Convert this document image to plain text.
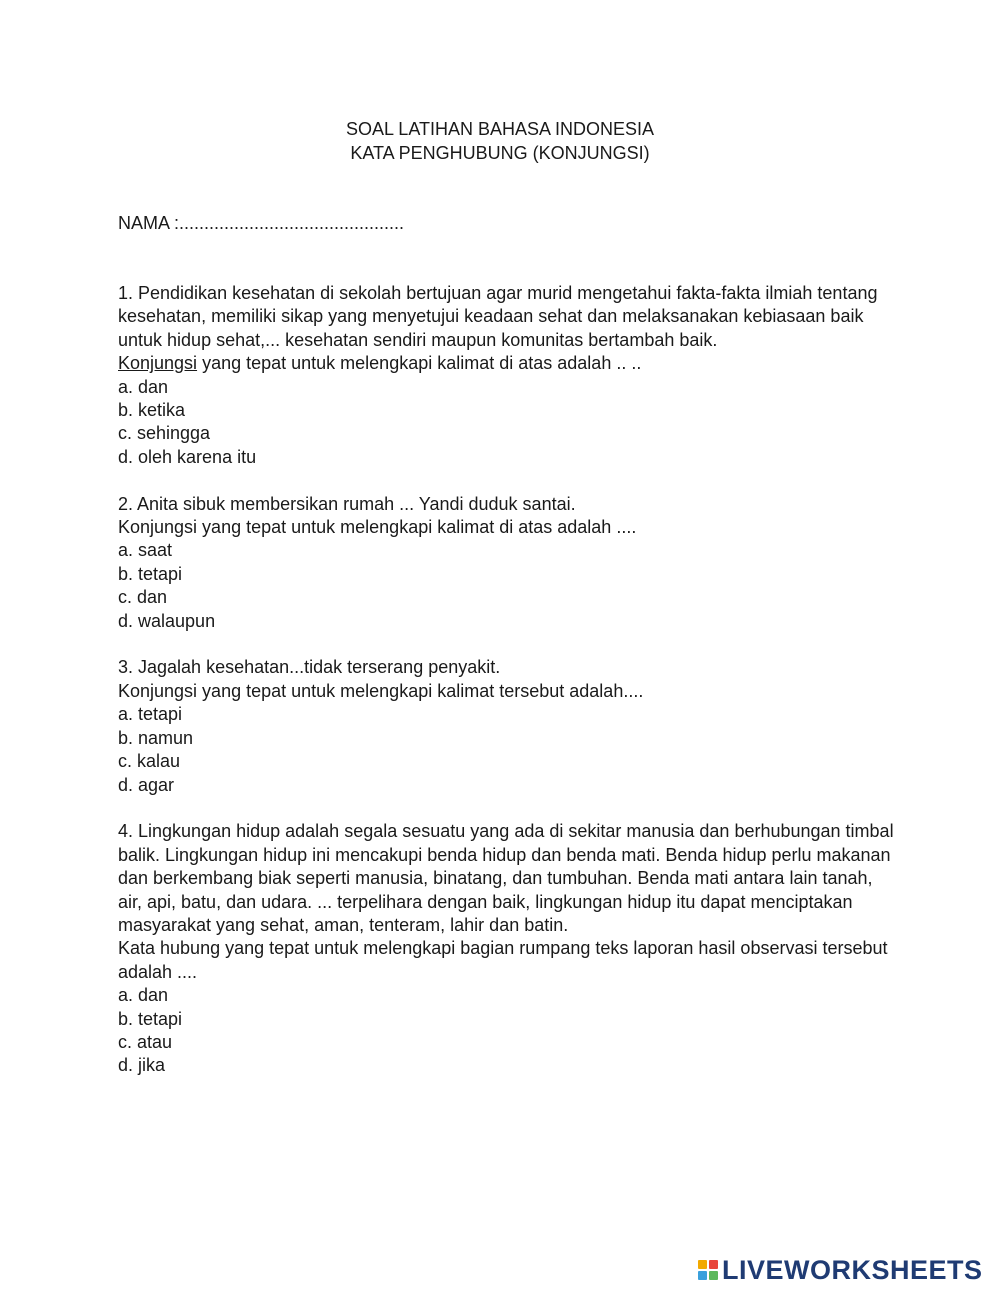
SOAL LATIHAN BAHASA INDONESIA
KATA PENGHUBUNG (KONJUNGSI)
NAMA :.............................................

1. Pendidikan kesehatan di sekolah bertujuan agar murid mengetahui fakta-fakta ilmiah tentang kesehatan, memiliki sikap yang menyetujui keadaan sehat dan melaksanakan kebiasaan baik untuk hidup sehat,... kesehatan sendiri maupun komunitas bertambah baik.

Konjungsi yang tepat untuk melengkapi kalimat di atas adalah .. ..

a. dan
b. ketika
c. sehingga
d. oleh karena itu

2. Anita sibuk membersikan rumah ... Yandi duduk santai.

Konjungsi yang tepat untuk melengkapi kalimat di atas adalah ....

a. saat
b. tetapi
c. dan
d. walaupun

3. Jagalah kesehatan...tidak terserang penyakit.

Konjungsi yang tepat untuk melengkapi kalimat tersebut adalah....

a. tetapi
b. namun
c. kalau
d. agar

4. Lingkungan hidup adalah segala sesuatu yang ada di sekitar manusia dan berhubungan timbal balik. Lingkungan hidup ini mencakupi benda hidup dan benda mati. Benda hidup perlu makanan dan berkembang biak seperti manusia, binatang, dan tumbuhan. Benda mati antara lain tanah, air, api, batu, dan udara. ... terpelihara dengan baik, lingkungan hidup itu dapat menciptakan masyarakat yang sehat, aman, tenteram, lahir dan batin.

Kata hubung yang tepat untuk melengkapi bagian rumpang teks laporan hasil observasi tersebut adalah ....

a. dan
b. tetapi
c. atau
d. jika
LIVEWORKSHEETS
